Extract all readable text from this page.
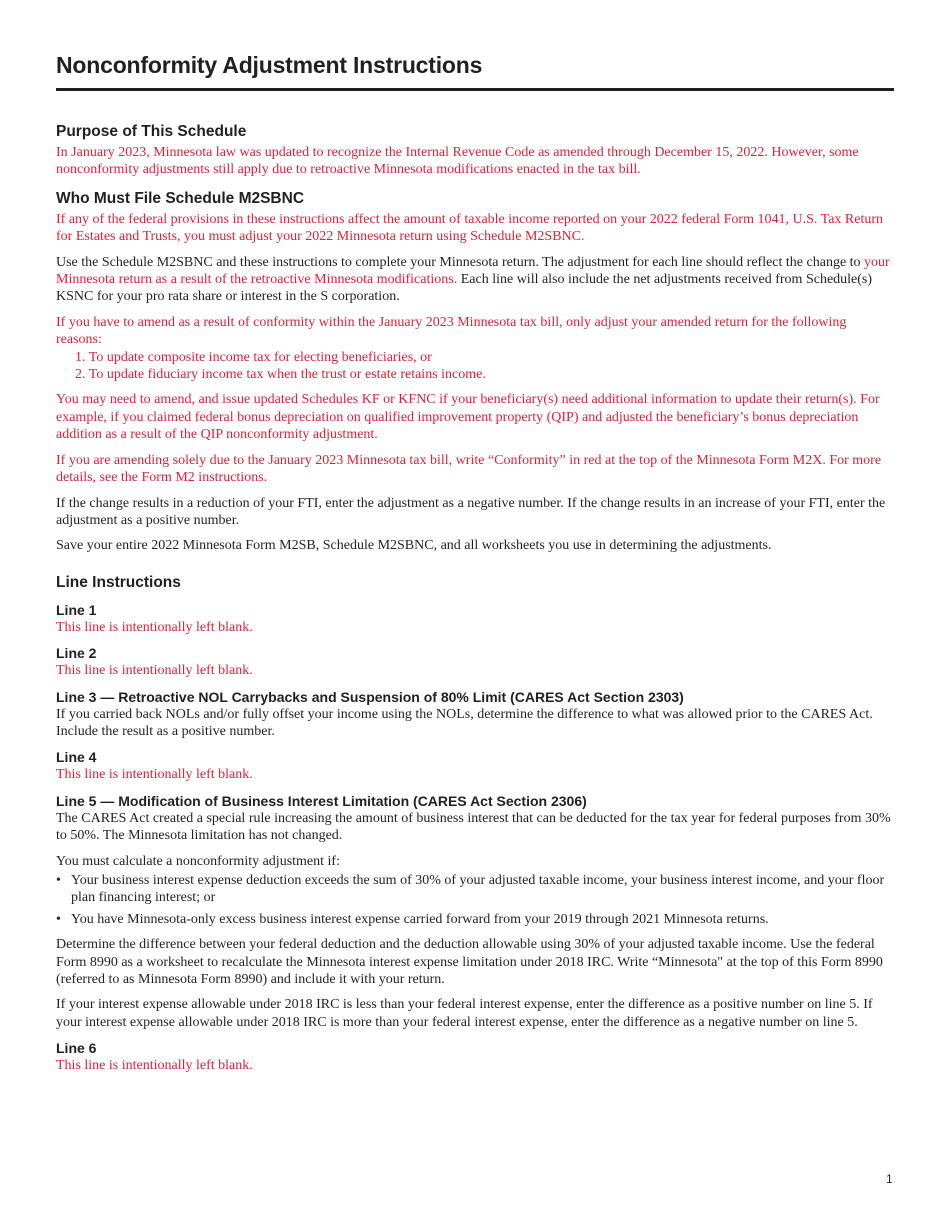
Nonconformity Adjustment Instructions
Purpose of This Schedule

In January 2023, Minnesota law was updated to recognize the Internal Revenue Code as amended through December 15, 2022. However, some nonconformity adjustments still apply due to retroactive Minnesota modifications enacted in the tax bill.

Who Must File Schedule M2SBNC

If any of the federal provisions in these instructions affect the amount of taxable income reported on your 2022 federal Form 1041, U.S. Tax Return for Estates and Trusts, you must adjust your 2022 Minnesota return using Schedule M2SBNC.

Use the Schedule M2SBNC and these instructions to complete your Minnesota return. The adjustment for each line should reflect the change to your Minnesota return as a result of the retroactive Minnesota modifications. Each line will also include the net adjustments received from Schedule(s) KSNC for your pro rata share or interest in the S corporation.

If you have to amend as a result of conformity within the January 2023 Minnesota tax bill, only adjust your amended return for the following reasons:

1. To update composite income tax for electing beneficiaries, or
2. To update fiduciary income tax when the trust or estate retains income.

You may need to amend, and issue updated Schedules KF or KFNC if your beneficiary(s) need additional information to update their return(s). For example, if you claimed federal bonus depreciation on qualified improvement property (QIP) and adjusted the beneficiary’s bonus depreciation addition as a result of the QIP nonconformity adjustment.

If you are amending solely due to the January 2023 Minnesota tax bill, write “Conformity” in red at the top of the Minnesota Form M2X. For more details, see the Form M2 instructions.

If the change results in a reduction of your FTI, enter the adjustment as a negative number. If the change results in an increase of your FTI, enter the adjustment as a positive number.

Save your entire 2022 Minnesota Form M2SB, Schedule M2SBNC, and all worksheets you use in determining the adjustments.

Line Instructions
Line 1

This line is intentionally left blank.

Line 2

This line is intentionally left blank.

Line 3 — Retroactive NOL Carrybacks and Suspension of 80% Limit (CARES Act Section 2303)

If you carried back NOLs and/or fully offset your income using the NOLs, determine the difference to what was allowed prior to the CARES Act. Include the result as a positive number.

Line 4

This line is intentionally left blank.

Line 5 — Modification of Business Interest Limitation (CARES Act Section 2306)

The CARES Act created a special rule increasing the amount of business interest that can be deducted for the tax year for federal purposes from 30% to 50%. The Minnesota limitation has not changed.

You must calculate a nonconformity adjustment if:

• Your business interest expense deduction exceeds the sum of 30% of your adjusted taxable income, your business interest income, and your floor plan financing interest; or
• You have Minnesota-only excess business interest expense carried forward from your 2019 through 2021 Minnesota returns.

Determine the difference between your federal deduction and the deduction allowable using 30% of your adjusted taxable income. Use the federal Form 8990 as a worksheet to recalculate the Minnesota interest expense limitation under 2018 IRC. Write “Minnesota" at the top of this Form 8990 (referred to as Minnesota Form 8990) and include it with your return.

If your interest expense allowable under 2018 IRC is less than your federal interest expense, enter the difference as a positive number on line 5. If your interest expense allowable under 2018 IRC is more than your federal interest expense, enter the difference as a negative number on line 5.

Line 6

This line is intentionally left blank.

1
